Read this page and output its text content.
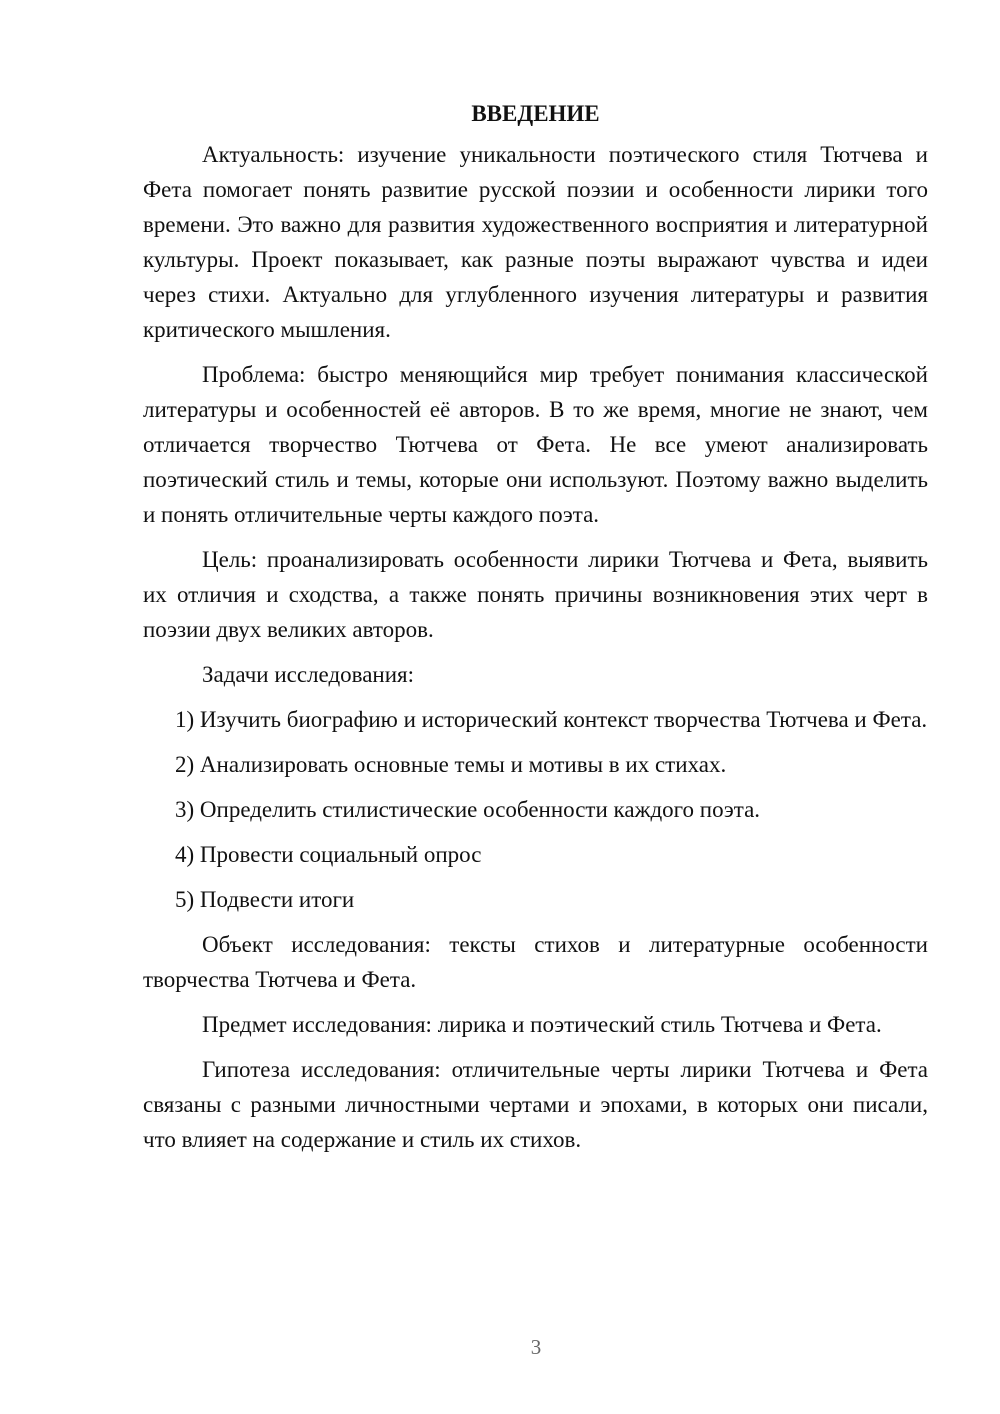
ВВЕДЕНИЕ

Актуальность: изучение уникальности поэтического стиля Тютчева и Фета помогает понять развитие русской поэзии и особенности лирики того времени. Это важно для развития художественного восприятия и литературной культуры. Проект показывает, как разные поэты выражают чувства и идеи через стихи. Актуально для углубленного изучения литературы и развития критического мышления.

Проблема: быстро меняющийся мир требует понимания классической литературы и особенностей её авторов. В то же время, многие не знают, чем отличается творчество Тютчева от Фета. Не все умеют анализировать поэтический стиль и темы, которые они используют. Поэтому важно выделить и понять отличительные черты каждого поэта.

Цель: проанализировать особенности лирики Тютчева и Фета, выявить их отличия и сходства, а также понять причины возникновения этих черт в поэзии двух великих авторов.

Задачи исследования:

1) Изучить биографию и исторический контекст творчества Тютчева и Фета.

2) Анализировать основные темы и мотивы в их стихах.

3) Определить стилистические особенности каждого поэта.

4) Провести социальный опрос

5) Подвести итоги

Объект исследования: тексты стихов и литературные особенности творчества Тютчева и Фета.

Предмет исследования: лирика и поэтический стиль Тютчева и Фета.

Гипотеза исследования: отличительные черты лирики Тютчева и Фета связаны с разными личностными чертами и эпохами, в которых они писали, что влияет на содержание и стиль их стихов.

3
